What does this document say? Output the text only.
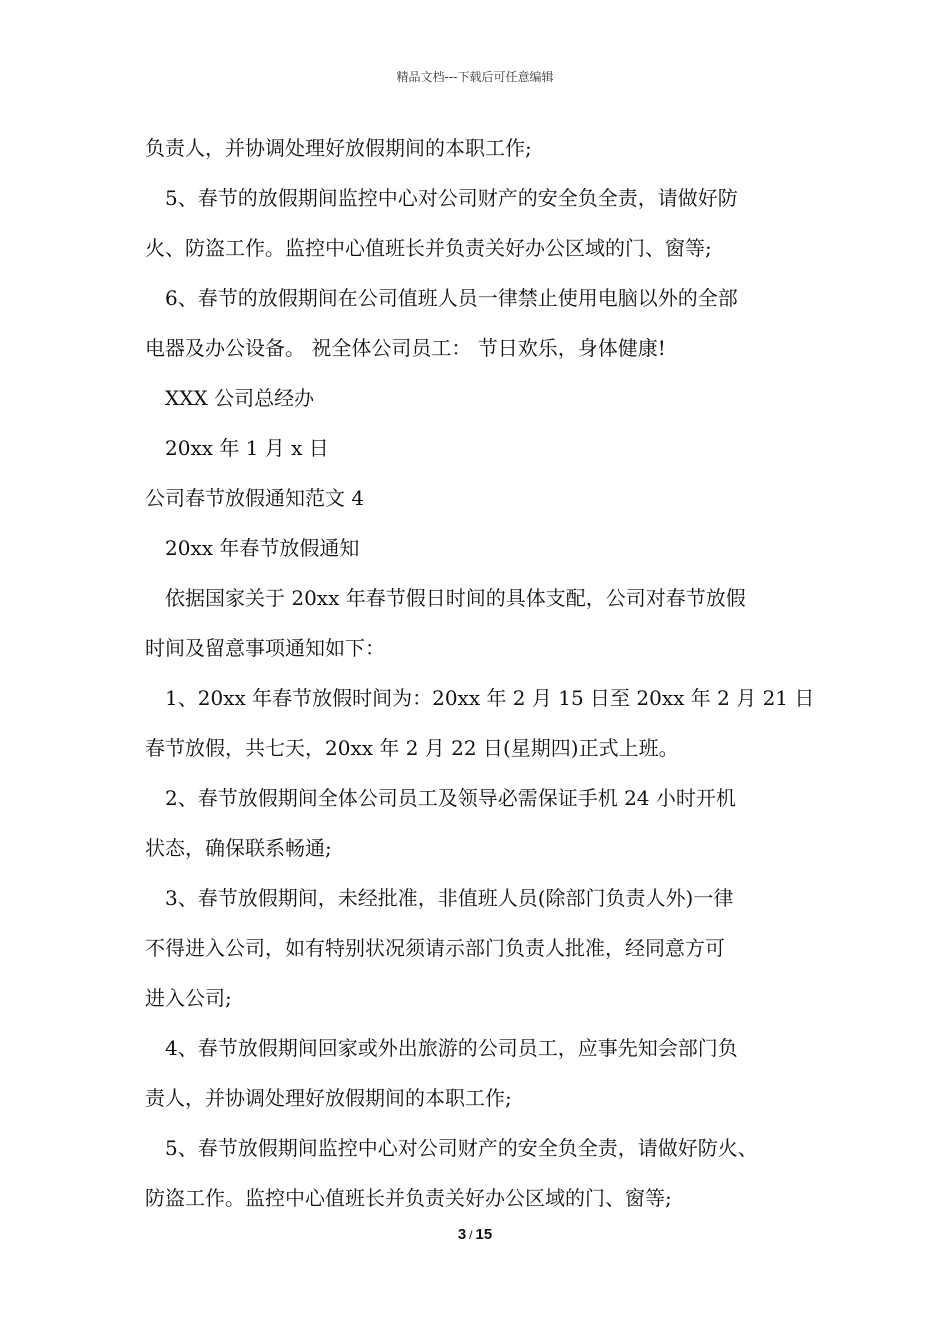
精品文档---下载后可任意编辑
负责人，并协调处理好放假期间的本职工作;
5、春节的放假期间监控中心对公司财产的安全负全责，请做好防
火、防盗工作。监控中心值班长并负责关好办公区域的门、窗等;
6、春节的放假期间在公司值班人员一律禁止使用电脑以外的全部
电器及办公设备。 祝全体公司员工： 节日欢乐，身体健康!
XXX 公司总经办
20xx 年 1 月 x 日
公司春节放假通知范文 4
20xx 年春节放假通知
依据国家关于 20xx 年春节假日时间的具体支配，公司对春节放假
时间及留意事项通知如下：
1、20xx 年春节放假时间为：20xx 年 2 月 15 日至 20xx 年 2 月 21 日
春节放假，共七天，20xx 年 2 月 22 日(星期四)正式上班。
2、春节放假期间全体公司员工及领导必需保证手机 24 小时开机
状态，确保联系畅通;
3、春节放假期间，未经批准，非值班人员(除部门负责人外)一律
不得进入公司，如有特别状况须请示部门负责人批准，经同意方可
进入公司;
4、春节放假期间回家或外出旅游的公司员工，应事先知会部门负
责人，并协调处理好放假期间的本职工作;
5、春节放假期间监控中心对公司财产的安全负全责，请做好防火、
防盗工作。监控中心值班长并负责关好办公区域的门、窗等;
3 / 15
